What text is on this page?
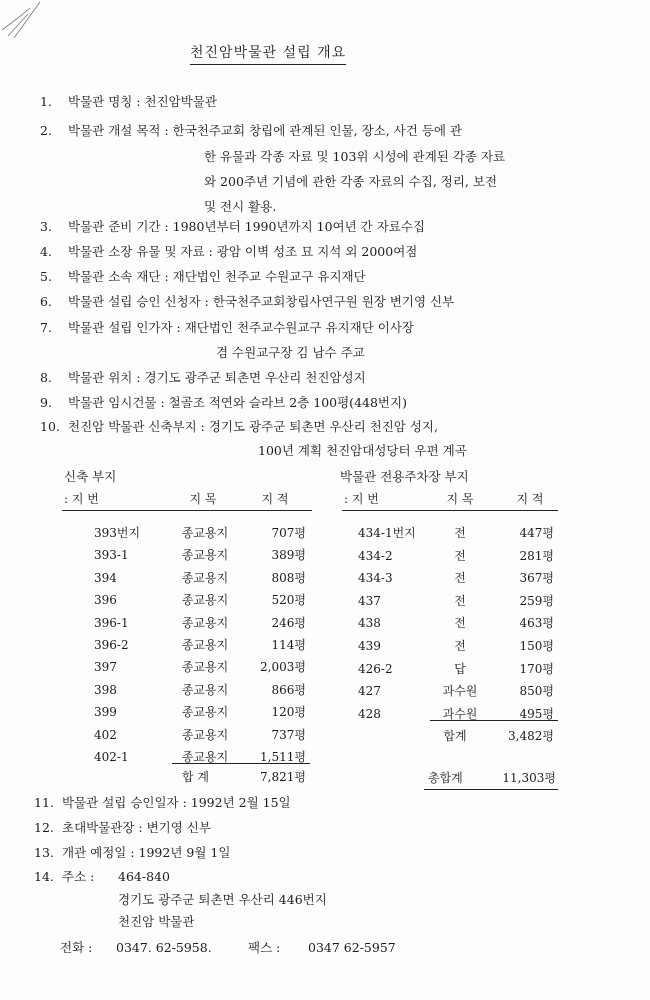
천진암박물관 설립 개요
1. 박물관 명칭 : 천진암박물관
2. 박물관 개설 목적 : 한국천주교회 창립에 관계된 인물, 장소, 사건 등에 관
한 유물과 각종 자료 및 103위 시성에 관계된 각종 자료
와 200주년 기념에 관한 각종 자료의 수집, 정리, 보전
및 전시 활용.
3. 박물관 준비 기간 : 1980년부터 1990년까지 10여년 간 자료수집
4. 박물관 소장 유물 및 자료 : 광암 이벽 성조 묘 지석 외 2000여점
5. 박물관 소속 재단 : 재단법인 천주교 수원교구 유지재단
6. 박물관 설립 승인 신청자 : 한국천주교회창립사연구원 원장 변기영 신부
7. 박물관 설립 인가자 : 재단법인 천주교수원교구 유지재단 이사장
겸 수원교구장 김 남수 주교
8. 박물관 위치 : 경기도 광주군 퇴촌면 우산리 천진암성지
9. 박물관 임시건물 : 철골조 적연와 슬라브 2층 100평(448번지)
10. 천진암 박물관 신축부지 : 경기도 광주군 퇴촌면 우산리 천진암 성지,
100년 계획 천진암대성당터 우편 계곡
신축 부지
: 지 번	지 목	지 적
393번지	종교용지	707평
393-1	종교용지	389평
394	종교용지	808평
396	종교용지	520평
396-1	종교용지	246평
396-2	종교용지	114평
397	종교용지	2,003평
398	종교용지	866평
399	종교용지	120평
402	종교용지	737평
402-1	종교용지	1,511평
합 계	7,821평
박물관 전용주차장 부지
: 지 번	지 목	지 적
434-1번지	전	447평
434-2	전	281평
434-3	전	367평
437	전	259평
438	전	463평
439	전	150평
426-2	답	170평
427	과수원	850평
428	과수원	495평
합계	3,482평
총합계	11,303평
11. 박물관 설립 승인일자 : 1992년 2월 15일
12. 초대박물관장 : 변기영 신부
13. 개관 예정일 : 1992년 9월 1일
14. 주소 : 464-840
경기도 광주군 퇴촌면 우산리 446번지
천진암 박물관
전화 : 0347. 62-5958.	팩스 : 0347 62-5957
